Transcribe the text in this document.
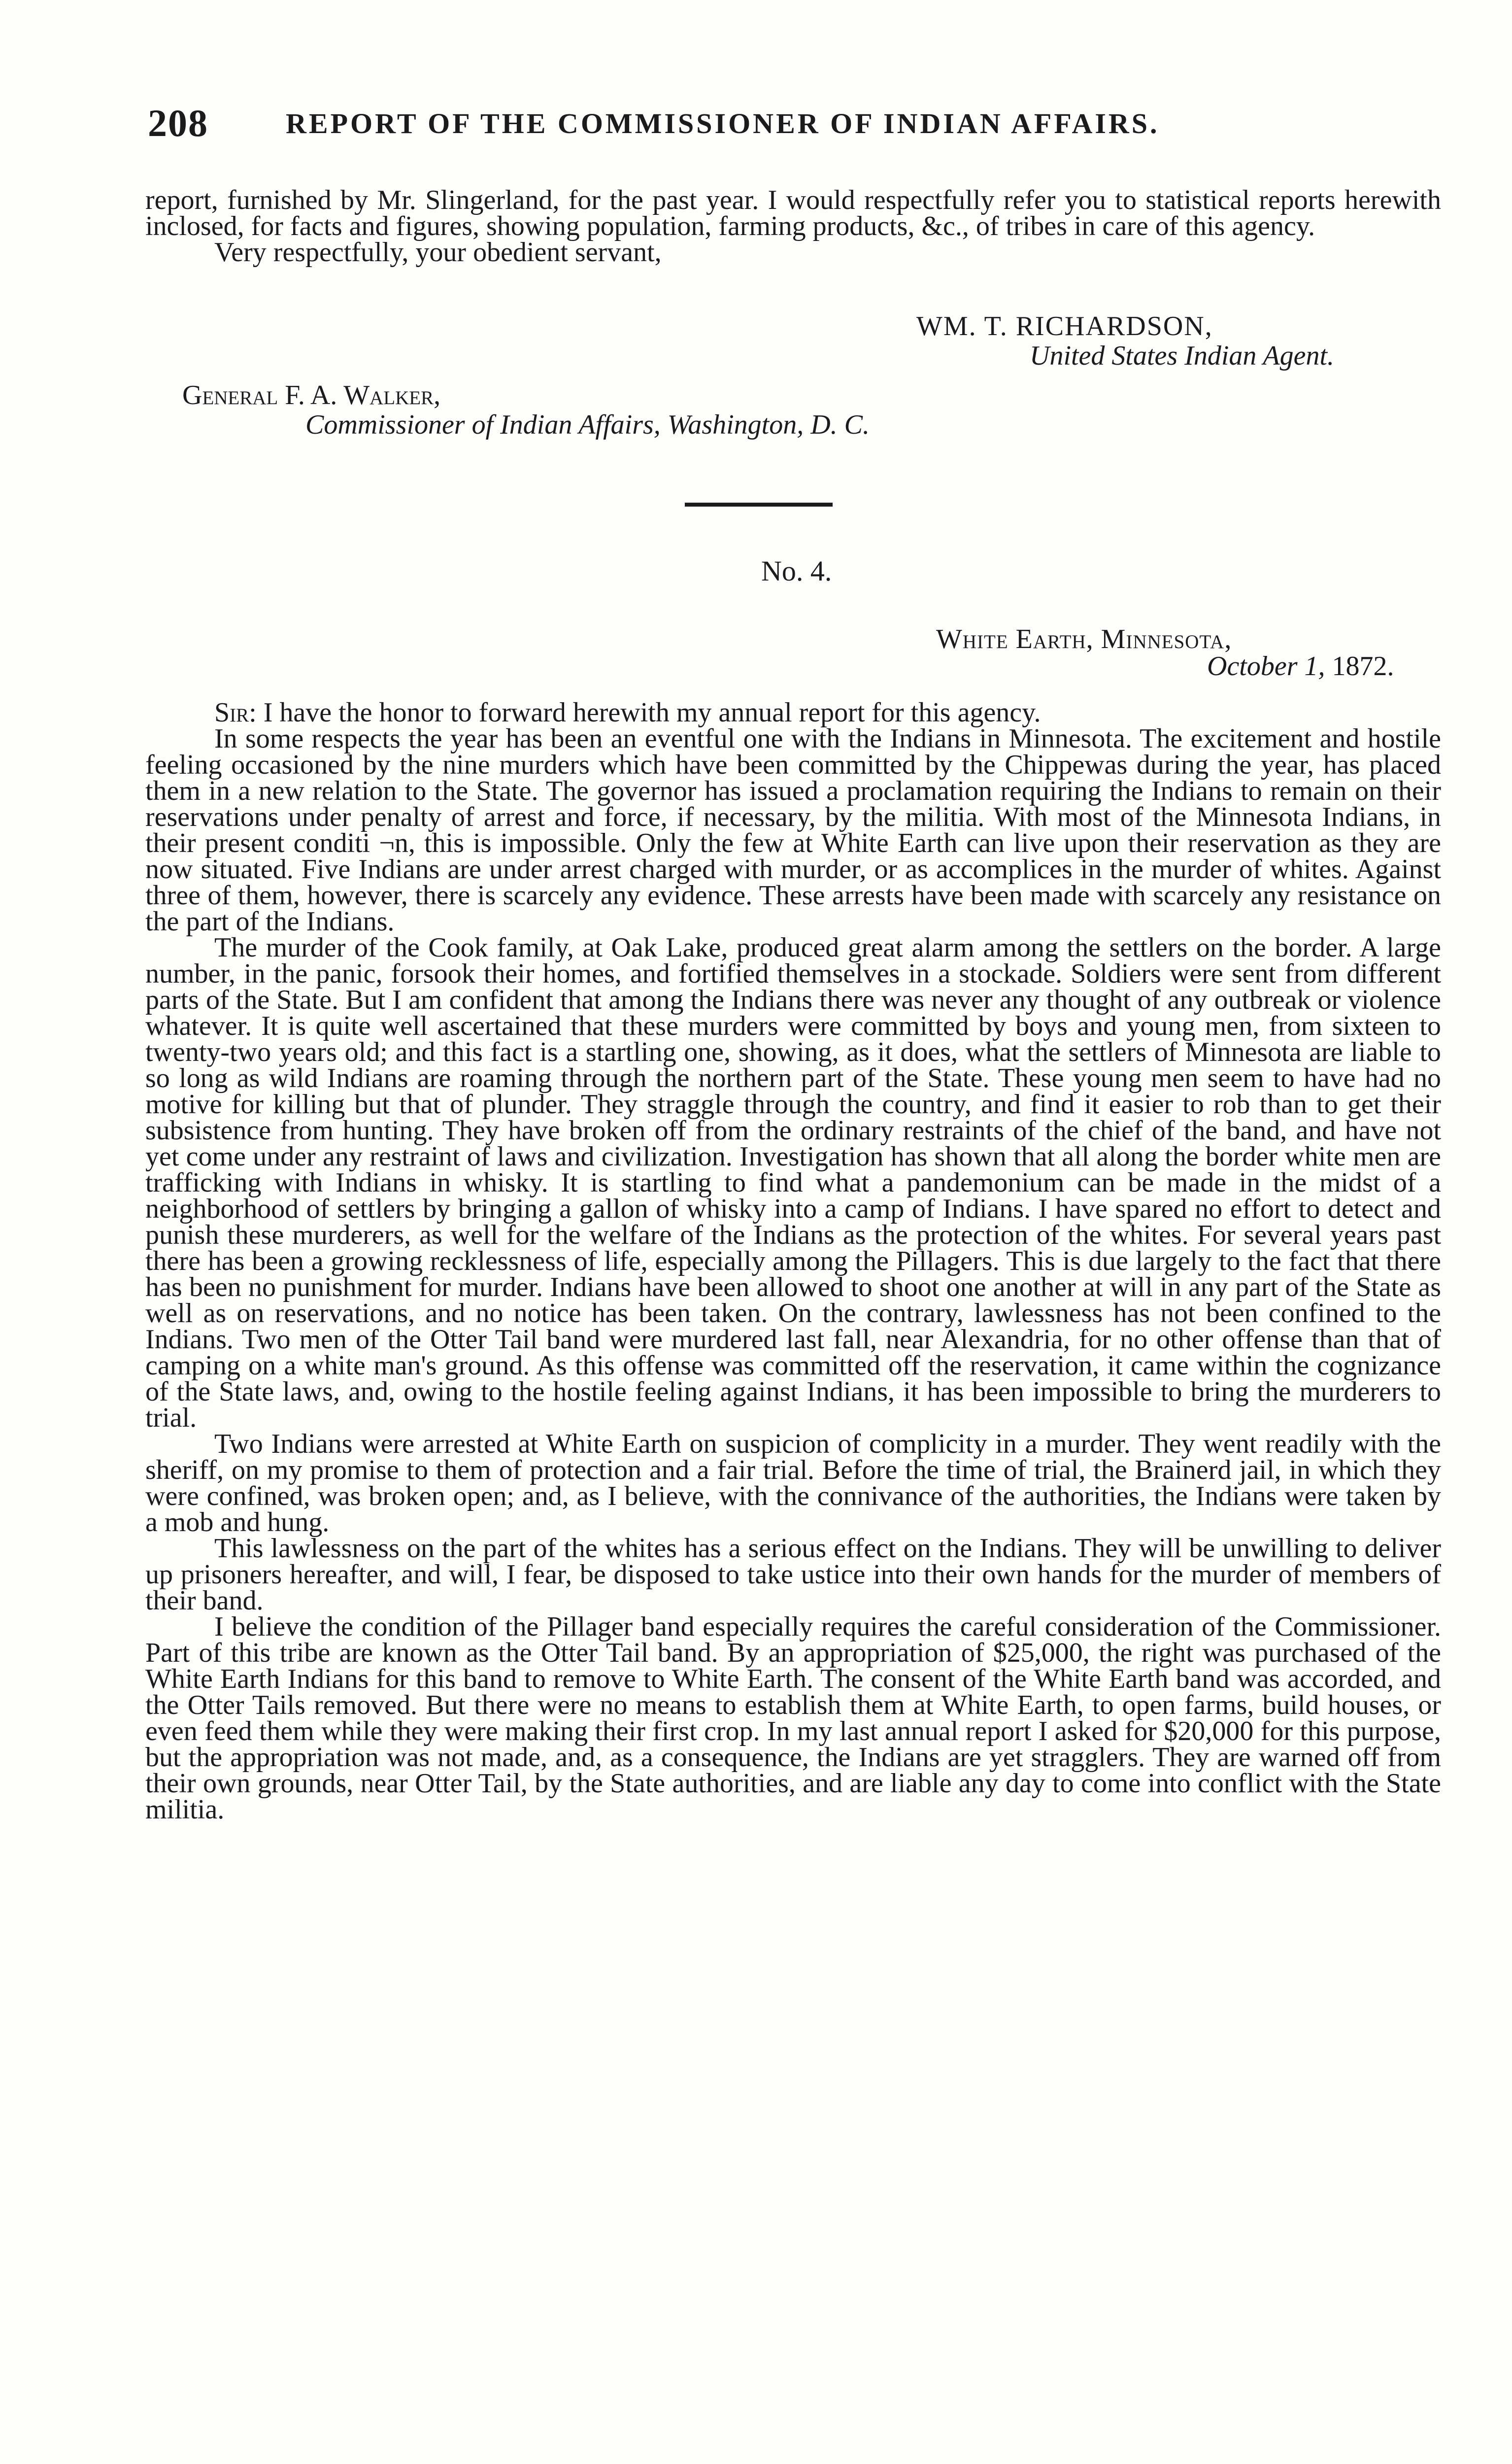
208	REPORT OF THE COMMISSIONER OF INDIAN AFFAIRS.

report, furnished by Mr. Slingerland, for the past year. I would respectfully refer you to statistical reports herewith inclosed, for facts and figures, showing population, farming products, &c., of tribes in care of this agency.

Very respectfully, your obedient servant,

WM. T. RICHARDSON,
United States Indian Agent.
General F. A. Walker,
Commissioner of Indian Affairs, Washington, D. C.
No. 4.
White Earth, Minnesota,
October 1, 1872.

Sir: I have the honor to forward herewith my annual report for this agency.

In some respects the year has been an eventful one with the Indians in Minnesota. The excitement and hostile feeling occasioned by the nine murders which have been committed by the Chippewas during the year, has placed them in a new relation to the State. The governor has issued a proclamation requiring the Indians to remain on their reservations under penalty of arrest and force, if necessary, by the militia. With most of the Minnesota Indians, in their present conditi ¬n, this is impossible. Only the few at White Earth can live upon their reservation as they are now situated. Five Indians are under arrest charged with murder, or as accomplices in the murder of whites. Against three of them, however, there is scarcely any evidence. These arrests have been made with scarcely any resistance on the part of the Indians.

The murder of the Cook family, at Oak Lake, produced great alarm among the settlers on the border. A large number, in the panic, forsook their homes, and fortified themselves in a stockade. Soldiers were sent from different parts of the State. But I am confident that among the Indians there was never any thought of any outbreak or violence whatever. It is quite well ascertained that these murders were committed by boys and young men, from sixteen to twenty-two years old; and this fact is a startling one, showing, as it does, what the settlers of Minnesota are liable to so long as wild Indians are roaming through the northern part of the State. These young men seem to have had no motive for killing but that of plunder. They straggle through the country, and find it easier to rob than to get their subsistence from hunting. They have broken off from the ordinary restraints of the chief of the band, and have not yet come under any restraint of laws and civilization. Investigation has shown that all along the border white men are trafficking with Indians in whisky. It is startling to find what a pandemonium can be made in the midst of a neighborhood of settlers by bringing a gallon of whisky into a camp of Indians. I have spared no effort to detect and punish these murderers, as well for the welfare of the Indians as the protection of the whites. For several years past there has been a growing recklessness of life, especially among the Pillagers. This is due largely to the fact that there has been no punishment for murder. Indians have been allowed to shoot one another at will in any part of the State as well as on reservations, and no notice has been taken. On the contrary, lawlessness has not been confined to the Indians. Two men of the Otter Tail band were murdered last fall, near Alexandria, for no other offense than that of camping on a white man's ground. As this offense was committed off the reservation, it came within the cognizance of the State laws, and, owing to the hostile feeling against Indians, it has been impossible to bring the murderers to trial.

Two Indians were arrested at White Earth on suspicion of complicity in a murder. They went readily with the sheriff, on my promise to them of protection and a fair trial. Before the time of trial, the Brainerd jail, in which they were confined, was broken open; and, as I believe, with the connivance of the authorities, the Indians were taken by a mob and hung.

This lawlessness on the part of the whites has a serious effect on the Indians. They will be unwilling to deliver up prisoners hereafter, and will, I fear, be disposed to take ustice into their own hands for the murder of members of their band.

I believe the condition of the Pillager band especially requires the careful consideration of the Commissioner. Part of this tribe are known as the Otter Tail band. By an appropriation of $25,000, the right was purchased of the White Earth Indians for this band to remove to White Earth. The consent of the White Earth band was accorded, and the Otter Tails removed. But there were no means to establish them at White Earth, to open farms, build houses, or even feed them while they were making their first crop. In my last annual report I asked for $20,000 for this purpose, but the appropriation was not made, and, as a consequence, the Indians are yet stragglers. They are warned off from their own grounds, near Otter Tail, by the State authorities, and are liable any day to come into conflict with the State militia.
